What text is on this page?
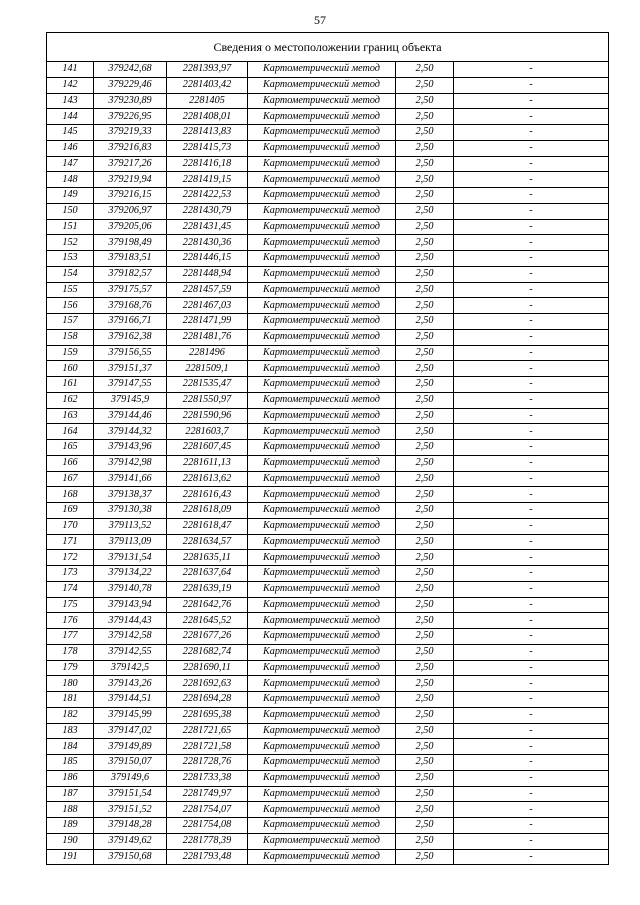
57
Сведения о местоположении границ объекта					
141	379242,68	2281393,97	Картометрический метод	2,50	-
142	379229,46	2281403,42	Картометрический метод	2,50	-
143	379230,89	2281405	Картометрический метод	2,50	-
144	379226,95	2281408,01	Картометрический метод	2,50	-
145	379219,33	2281413,83	Картометрический метод	2,50	-
146	379216,83	2281415,73	Картометрический метод	2,50	-
147	379217,26	2281416,18	Картометрический метод	2,50	-
148	379219,94	2281419,15	Картометрический метод	2,50	-
149	379216,15	2281422,53	Картометрический метод	2,50	-
150	379206,97	2281430,79	Картометрический метод	2,50	-
151	379205,06	2281431,45	Картометрический метод	2,50	-
152	379198,49	2281430,36	Картометрический метод	2,50	-
153	379183,51	2281446,15	Картометрический метод	2,50	-
154	379182,57	2281448,94	Картометрический метод	2,50	-
155	379175,57	2281457,59	Картометрический метод	2,50	-
156	379168,76	2281467,03	Картометрический метод	2,50	-
157	379166,71	2281471,99	Картометрический метод	2,50	-
158	379162,38	2281481,76	Картометрический метод	2,50	-
159	379156,55	2281496	Картометрический метод	2,50	-
160	379151,37	2281509,1	Картометрический метод	2,50	-
161	379147,55	2281535,47	Картометрический метод	2,50	-
162	379145,9	2281550,97	Картометрический метод	2,50	-
163	379144,46	2281590,96	Картометрический метод	2,50	-
164	379144,32	2281603,7	Картометрический метод	2,50	-
165	379143,96	2281607,45	Картометрический метод	2,50	-
166	379142,98	2281611,13	Картометрический метод	2,50	-
167	379141,66	2281613,62	Картометрический метод	2,50	-
168	379138,37	2281616,43	Картометрический метод	2,50	-
169	379130,38	2281618,09	Картометрический метод	2,50	-
170	379113,52	2281618,47	Картометрический метод	2,50	-
171	379113,09	2281634,57	Картометрический метод	2,50	-
172	379131,54	2281635,11	Картометрический метод	2,50	-
173	379134,22	2281637,64	Картометрический метод	2,50	-
174	379140,78	2281639,19	Картометрический метод	2,50	-
175	379143,94	2281642,76	Картометрический метод	2,50	-
176	379144,43	2281645,52	Картометрический метод	2,50	-
177	379142,58	2281677,26	Картометрический метод	2,50	-
178	379142,55	2281682,74	Картометрический метод	2,50	-
179	379142,5	2281690,11	Картометрический метод	2,50	-
180	379143,26	2281692,63	Картометрический метод	2,50	-
181	379144,51	2281694,28	Картометрический метод	2,50	-
182	379145,99	2281695,38	Картометрический метод	2,50	-
183	379147,02	2281721,65	Картометрический метод	2,50	-
184	379149,89	2281721,58	Картометрический метод	2,50	-
185	379150,07	2281728,76	Картометрический метод	2,50	-
186	379149,6	2281733,38	Картометрический метод	2,50	-
187	379151,54	2281749,97	Картометрический метод	2,50	-
188	379151,52	2281754,07	Картометрический метод	2,50	-
189	379148,28	2281754,08	Картометрический метод	2,50	-
190	379149,62	2281778,39	Картометрический метод	2,50	-
191	379150,68	2281793,48	Картометрический метод	2,50	-
